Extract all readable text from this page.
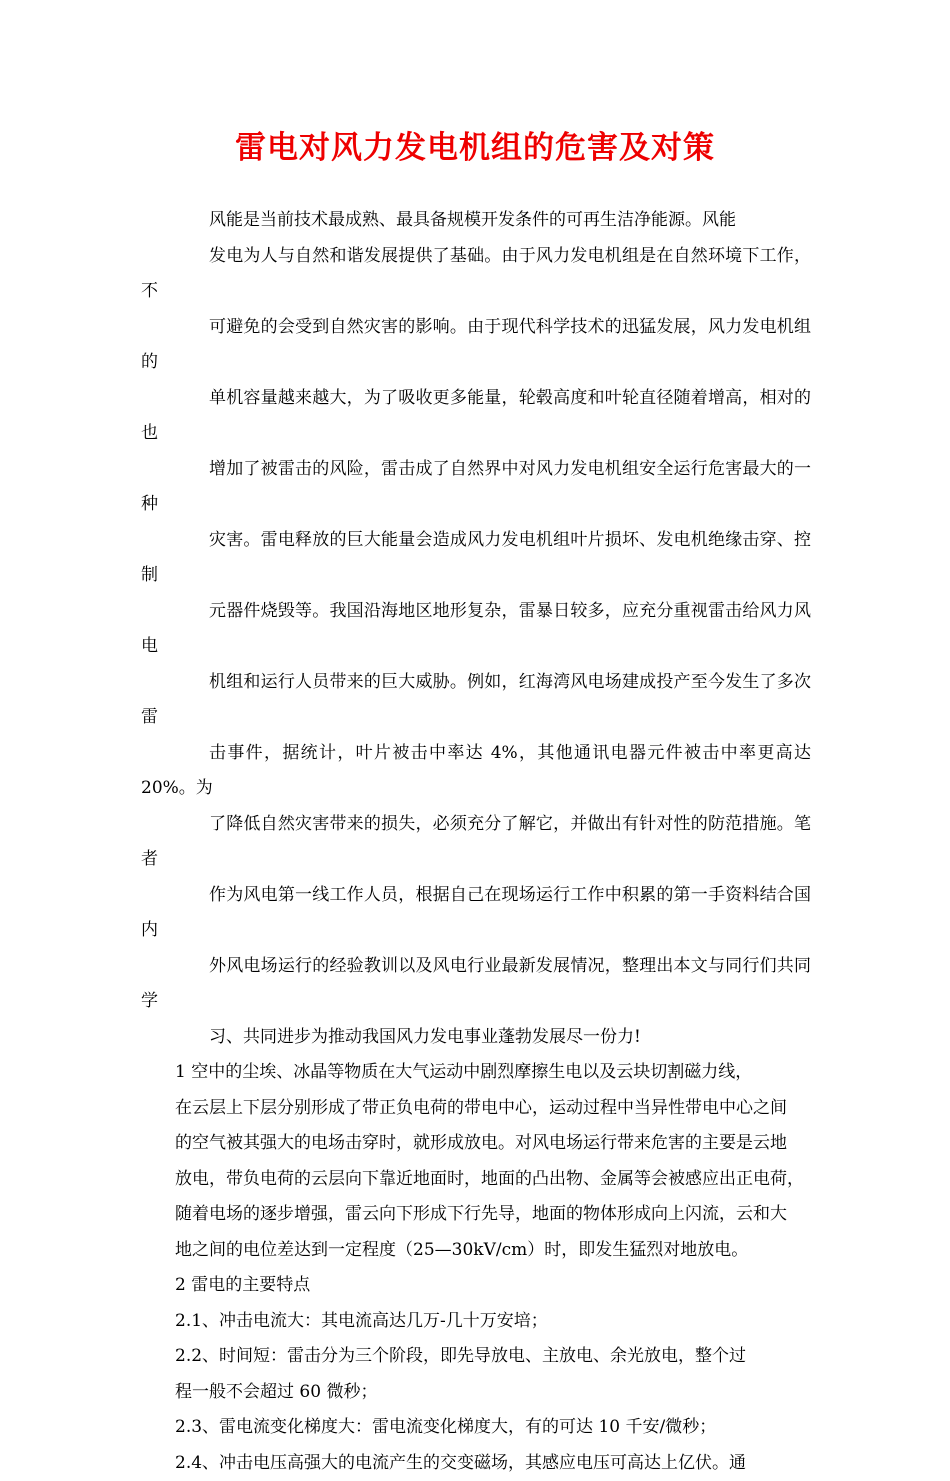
雷电对风力发电机组的危害及对策

风能是当前技术最成熟、最具备规模开发条件的可再生洁净能源。风能
发电为人与自然和谐发展提供了基础。由于风力发电机组是在自然环境下工作，不
可避免的会受到自然灾害的影响。由于现代科学技术的迅猛发展，风力发电机组的
单机容量越来越大，为了吸收更多能量，轮毂高度和叶轮直径随着增高，相对的也
增加了被雷击的风险，雷击成了自然界中对风力发电机组安全运行危害最大的一种
灾害。雷电释放的巨大能量会造成风力发电机组叶片损坏、发电机绝缘击穿、控制
元器件烧毁等。我国沿海地区地形复杂，雷暴日较多，应充分重视雷击给风力风电
机组和运行人员带来的巨大威胁。例如，红海湾风电场建成投产至今发生了多次雷
击事件，据统计，叶片被击中率达 4%，其他通讯电器元件被击中率更高达 20%。为
了降低自然灾害带来的损失，必须充分了解它，并做出有针对性的防范措施。笔者
作为风电第一线工作人员，根据自己在现场运行工作中积累的第一手资料结合国内
外风电场运行的经验教训以及风电行业最新发展情况，整理出本文与同行们共同学
习、共同进步为推动我国风力发电事业蓬勃发展尽一份力!

1 空中的尘埃、冰晶等物质在大气运动中剧烈摩擦生电以及云块切割磁力线，
在云层上下层分别形成了带正负电荷的带电中心，运动过程中当异性带电中心之间
的空气被其强大的电场击穿时，就形成放电。对风电场运行带来危害的主要是云地
放电，带负电荷的云层向下靠近地面时，地面的凸出物、金属等会被感应出正电荷，
随着电场的逐步增强，雷云向下形成下行先导，地面的物体形成向上闪流，云和大
地之间的电位差达到一定程度（25—30kV/cm）时，即发生猛烈对地放电。

2 雷电的主要特点

2.1、冲击电流大：其电流高达几万-几十万安培；

2.2、时间短：雷击分为三个阶段，即先导放电、主放电、余光放电，整个过
程一般不会超过 60 微秒；

2.3、雷电流变化梯度大：雷电流变化梯度大，有的可达 10 千安/微秒；

2.4、冲击电压高强大的电流产生的交变磁场，其感应电压可高达上亿伏。通
